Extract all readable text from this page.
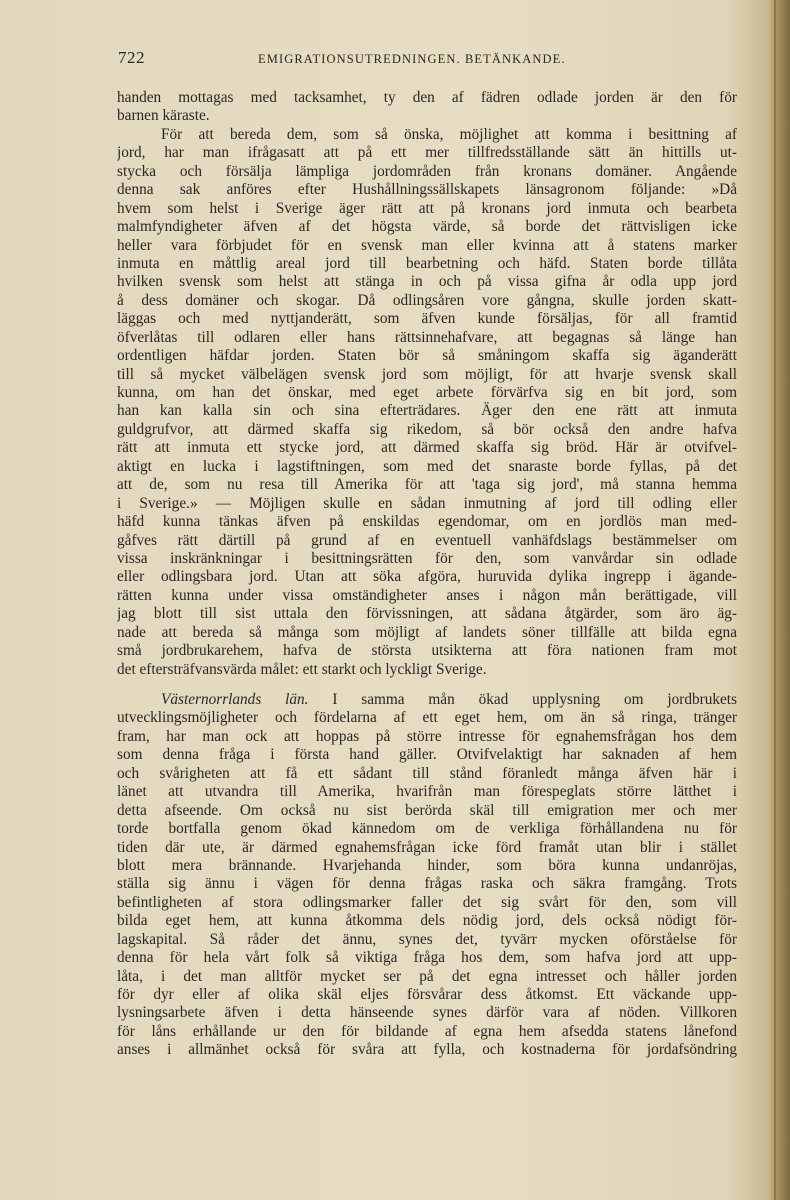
722	EMIGRATIONSUTREDNINGEN. BETÄNKANDE.
handen mottagas med tacksamhet, ty den af fädren odlade jorden är den för
barnen käraste.
För att bereda dem, som så önska, möjlighet att komma i besittning af
jord, har man ifrågasatt att på ett mer tillfredsställande sätt än hittills ut-
stycka och försälja lämpliga jordområden från kronans domäner. Angående
denna sak anföres efter Hushållningssällskapets länsagronom följande: »Då
hvem som helst i Sverige äger rätt att på kronans jord inmuta och bearbeta
malmfyndigheter äfven af det högsta värde, så borde det rättvisligen icke
heller vara förbjudet för en svensk man eller kvinna att å statens marker
inmuta en måttlig areal jord till bearbetning och häfd. Staten borde tillåta
hvilken svensk som helst att stänga in och på vissa gifna år odla upp jord
å dess domäner och skogar. Då odlingsåren vore gångna, skulle jorden skatt-
läggas och med nyttjanderätt, som äfven kunde försäljas, för all framtid
öfverlåtas till odlaren eller hans rättsinnehafvare, att begagnas så länge han
ordentligen häfdar jorden. Staten bör så småningom skaffa sig äganderätt
till så mycket välbelägen svensk jord som möjligt, för att hvarje svensk skall
kunna, om han det önskar, med eget arbete förvärfva sig en bit jord, som
han kan kalla sin och sina efterträdares. Äger den ene rätt att inmuta
guldgrufvor, att därmed skaffa sig rikedom, så bör också den andre hafva
rätt att inmuta ett stycke jord, att därmed skaffa sig bröd. Här är otvifvel-
aktigt en lucka i lagstiftningen, som med det snaraste borde fyllas, på det
att de, som nu resa till Amerika för att 'taga sig jord', må stanna hemma
i Sverige.» — Möjligen skulle en sådan inmutning af jord till odling eller
häfd kunna tänkas äfven på enskildas egendomar, om en jordlös man med-
gåfves rätt därtill på grund af en eventuell vanhäfdslags bestämmelser om
vissa inskränkningar i besittningsrätten för den, som vanvårdar sin odlade
eller odlingsbara jord. Utan att söka afgöra, huruvida dylika ingrepp i ägande-
rätten kunna under vissa omständigheter anses i någon mån berättigade, vill
jag blott till sist uttala den förvissningen, att sådana åtgärder, som äro äg-
nade att bereda så många som möjligt af landets söner tillfälle att bilda egna
små jordbrukarehem, hafva de största utsikterna att föra nationen fram mot
det eftersträfvansvärda målet: ett starkt och lyckligt Sverige.
Västernorrlands län. I samma mån ökad upplysning om jordbrukets
utvecklingsmöjligheter och fördelarna af ett eget hem, om än så ringa, tränger
fram, har man ock att hoppas på större intresse för egnahemsfrågan hos dem
som denna fråga i första hand gäller. Otvifvelaktigt har saknaden af hem
och svårigheten att få ett sådant till stånd föranledt många äfven här i
länet att utvandra till Amerika, hvarifrån man förespeglats större lätthet i
detta afseende. Om också nu sist berörda skäl till emigration mer och mer
torde bortfalla genom ökad kännedom om de verkliga förhållandena nu för
tiden där ute, är därmed egnahemsfrågan icke förd framåt utan blir i stället
blott mera brännande. Hvarjehanda hinder, som böra kunna undanröjas,
ställa sig ännu i vägen för denna frågas raska och säkra framgång. Trots
befintligheten af stora odlingsmarker faller det sig svårt för den, som vill
bilda eget hem, att kunna åtkomma dels nödig jord, dels också nödigt för-
lagskapital. Så råder det ännu, synes det, tyvärr mycken oförståelse för
denna för hela vårt folk så viktiga fråga hos dem, som hafva jord att upp-
låta, i det man alltför mycket ser på det egna intresset och håller jorden
för dyr eller af olika skäl eljes försvårar dess åtkomst. Ett väckande upp-
lysningsarbete äfven i detta hänseende synes därför vara af nöden. Villkoren
för låns erhållande ur den för bildande af egna hem afsedda statens lånefond
anses i allmänhet också för svåra att fylla, och kostnaderna för jordafsöndring
